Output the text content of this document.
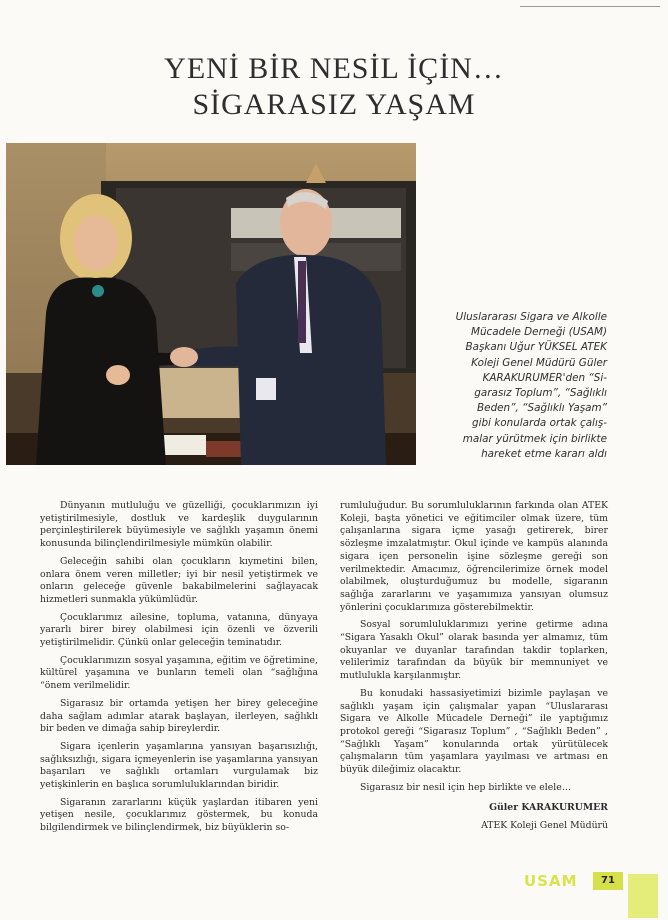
YENİ BİR NESİL İÇİN…
SİGARASIZ YAŞAM
Uluslararası Sigara ve Alkolle
Mücadele Derneği (USAM)
Başkanı Uğur YÜKSEL ATEK
Koleji Genel Müdürü Güler
KARAKURUMER'den “Si-
garasız Toplum”, “Sağlıklı
Beden”, “Sağlıklı Yaşam”
gibi konularda ortak çalış-
malar yürütmek için birlikte
hareket etme kararı aldı

Dünyanın mutluluğu ve güzelliği, çocuklarımızın iyi yetiştirilmesiyle, dostluk ve kardeşlik duygularının perçinleştirilerek büyümesiyle ve sağlıklı yaşamın önemi konusunda bilinçlendirilmesiyle mümkün olabilir.

Geleceğin sahibi olan çocukların kıymetini bilen, onlara önem veren milletler; iyi bir nesil yetiştirmek ve onların geleceğe güvenle bakabilmelerini sağlayacak hizmetleri sunmakla yükümlüdür.

Çocuklarımız ailesine, topluma, vatanına, dünyaya yararlı birer birey olabilmesi için özenli ve özverili yetiştirilmelidir. Çünkü onlar geleceğin teminatıdır.

Çocuklarımızın sosyal yaşamına, eğitim ve öğretimine, kültürel yaşamına ve bunların temeli olan “sağlığına “önem verilmelidir.

Sigarasız bir ortamda yetişen her birey geleceğine daha sağlam adımlar atarak başlayan, ilerleyen, sağlıklı bir beden ve dimağa sahip bireylerdir.

Sigara içenlerin yaşamlarına yansıyan başarısızlığı, sağlıksızlığı, sigara içmeyenlerin ise yaşamlarına yansıyan başarıları ve sağlıklı ortamları vurgulamak biz yetişkinlerin en başlıca sorumluluklarından biridir.

Sigaranın zararlarını küçük yaşlardan itibaren yeni yetişen nesile, çocuklarımız göstermek, bu konuda bilgilendirmek ve bilinçlendirmek, biz büyüklerin so-

rumluluğudur. Bu sorumluluklarının farkında olan ATEK Koleji, başta yönetici ve eğitimciler olmak üzere, tüm çalışanlarına sigara içme yasağı getirerek, birer sözleşme imzalatmıştır. Okul içinde ve kampüs alanında sigara içen personelin işine sözleşme gereği son verilmektedir. Amacımız, öğrencilerimize örnek model olabilmek, oluşturduğumuz bu modelle, sigaranın sağlığa zararlarını ve yaşamımıza yansıyan olumsuz yönlerini çocuklarımıza gösterebilmektir.

Sosyal sorumluluklarımızı yerine getirme adına “Sigara Yasaklı Okul” olarak basında yer almamız, tüm okuyanlar ve duyanlar tarafından takdir toplarken, velilerimiz tarafından da büyük bir memnuniyet ve mutlulukla karşılanmıştır.

Bu konudaki hassasiyetimizi bizimle paylaşan ve sağlıklı yaşam için çalışmalar yapan “Uluslararası Sigara ve Alkolle Mücadele Derneği” ile yaptığımız protokol gereği “Sigarasız Toplum” , “Sağlıklı Beden” , “Sağlıklı Yaşam” konularında ortak yürütülecek çalışmaların tüm yaşamlara yayılması ve artması en büyük dileğimiz olacaktır.

Sigarasız bir nesil için hep birlikte ve elele…

Güler KARAKURUMER

ATEK Koleji Genel Müdürü

USAM	71
